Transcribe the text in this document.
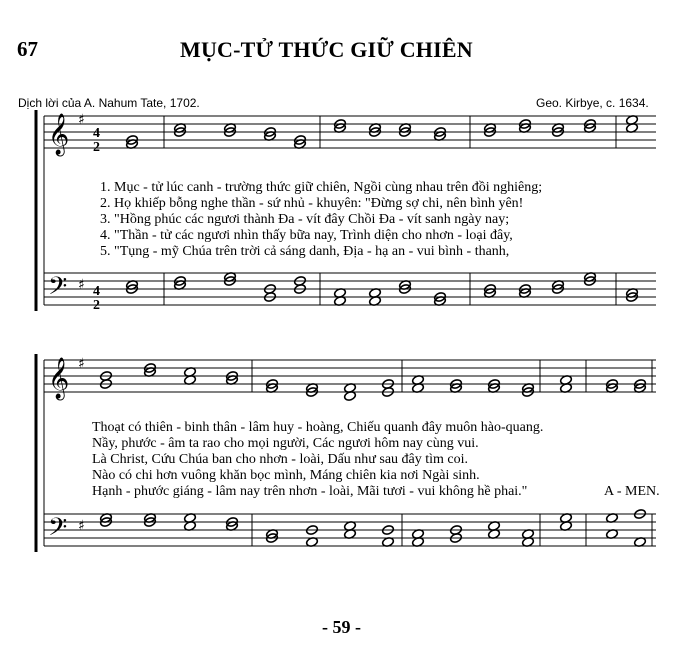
67	MỤC-TỬ THỨC GIỮ CHIÊN
Dịch lời của A. Nahum Tate, 1702.	Geo. Kirbye, c. 1634.
𝄞
𝄢
♯
♯
𝄞
𝄢
♯
♯
4
2
4
2
1. Mục - tử lúc canh - trường thức giữ chiên, Ngồi cùng nhau trên đồi nghiêng;
2. Họ khiếp bỗng nghe thần - sứ nhủ - khuyên: "Đừng sợ chi, nên bình yên!
3. "Hồng phúc các ngươi thành Đa - vít đây Chồi Đa - vít sanh ngày nay;
4. "Thần - tử các ngươi nhìn thấy bữa nay, Trình diện cho nhơn - loại đây,
5. "Tụng - mỹ Chúa trên trời cả sáng danh, Địa - hạ an - vui bình - thanh,
Thoạt có thiên - binh thân - lâm huy - hoàng, Chiếu quanh đây muôn hào-quang.
Nầy, phước - âm ta rao cho mọi người, Các ngươi hôm nay cùng vui.
Là Christ, Cứu Chúa ban cho nhơn - loài, Dấu như sau đây tìm coi.
Nào có chi hơn vuông khăn bọc mình, Máng chiên kia nơi Ngài sinh.
Hạnh - phước giáng - lâm nay trên nhơn - loài, Mãi tươi - vui không hề phai."	A - MEN.
- 59 -
